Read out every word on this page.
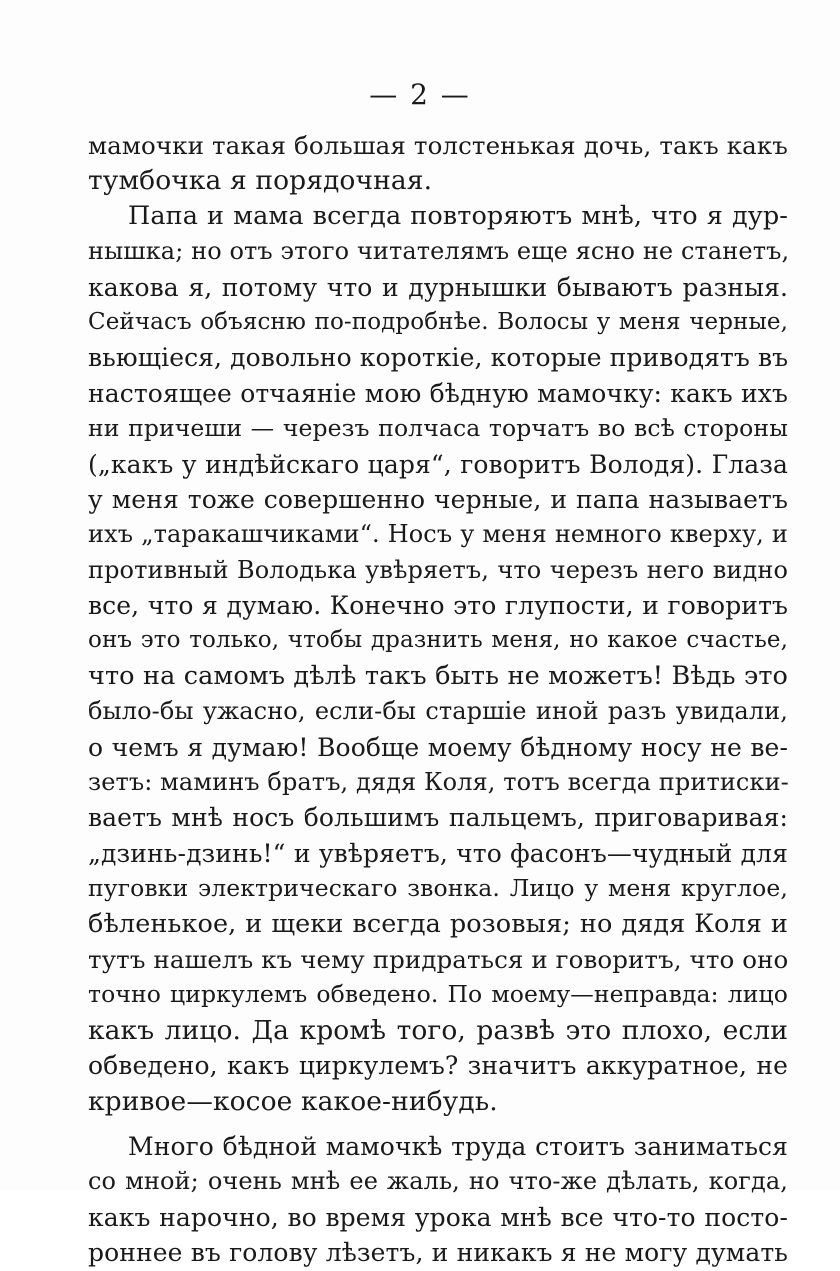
— 2 —
мамочки такая большая толстенькая дочь, такъ какъ
тумбочка я порядочная.
Папа и мама всегда повторяютъ мнѣ, что я дур-
нышка; но отъ этого читателямъ еще ясно не станетъ,
какова я, потому что и дурнышки бываютъ разныя.
Сейчасъ объясню по-подробнѣе. Волосы у меня черные,
вьющіеся, довольно короткіе, которые приводятъ въ
настоящее отчаяніе мою бѣдную мамочку: какъ ихъ
ни причеши — черезъ полчаса торчатъ во всѣ стороны
(„какъ у индѣйскаго царя“, говоритъ Володя). Глаза
у меня тоже совершенно черные, и папа называетъ
ихъ „таракашчиками“. Носъ у меня немного кверху, и
противный Володька увѣряетъ, что черезъ него видно
все, что я думаю. Конечно это глупости, и говоритъ
онъ это только, чтобы дразнить меня, но какое счастье,
что на самомъ дѣлѣ такъ быть не можетъ! Вѣдь это
было-бы ужасно, если-бы старшіе иной разъ увидали,
о чемъ я думаю! Вообще моему бѣдному носу не ве-
зетъ: маминъ братъ, дядя Коля, тотъ всегда притиски-
ваетъ мнѣ носъ большимъ пальцемъ, приговаривая:
„дзинь-дзинь!“ и увѣряетъ, что фасонъ—чудный для
пуговки электрическаго звонка. Лицо у меня круглое,
бѣленькое, и щеки всегда розовыя; но дядя Коля и
тутъ нашелъ къ чему придраться и говоритъ, что оно
точно циркулемъ обведено. По моему—неправда: лицо
какъ лицо. Да кромѣ того, развѣ это плохо, если
обведено, какъ циркулемъ? значитъ аккуратное, не
кривое—косое какое-нибудь.
Много бѣдной мамочкѣ труда стоитъ заниматься
со мной; очень мнѣ ее жаль, но что-же дѣлать, когда,
какъ нарочно, во время урока мнѣ все что-то посто-
роннее въ голову лѣзетъ, и никакъ я не могу думать
